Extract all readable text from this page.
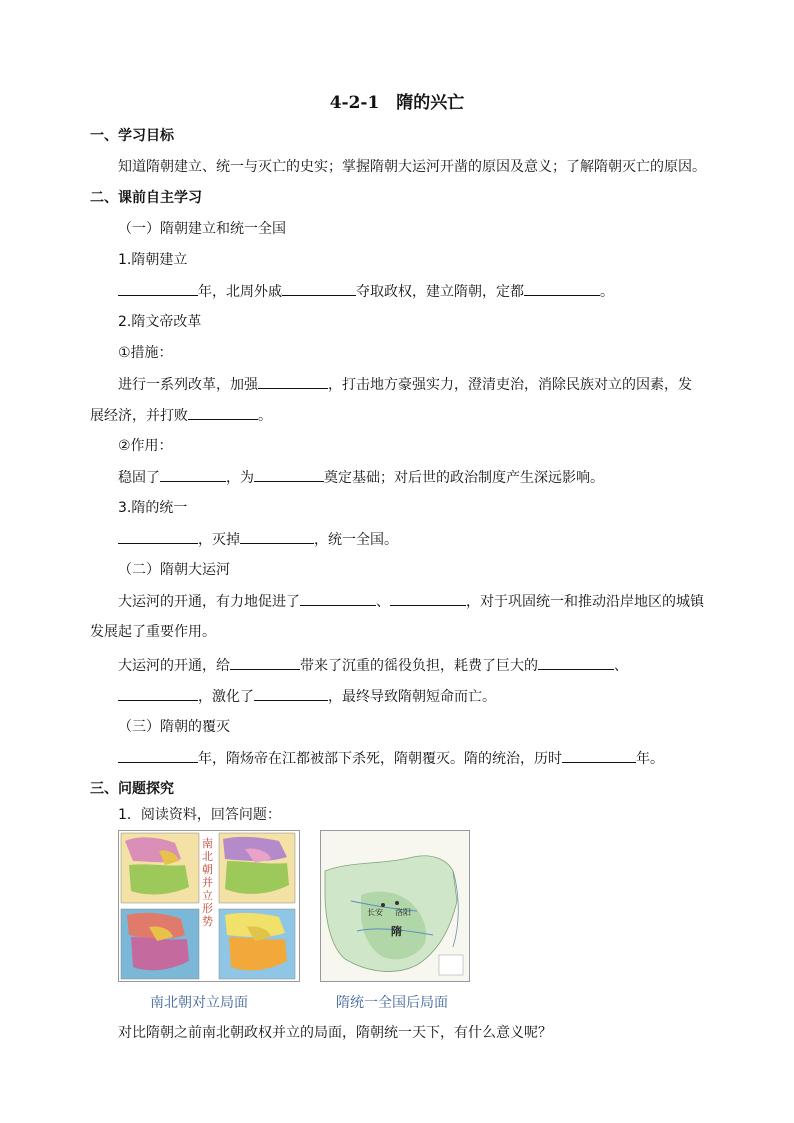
4-2-1　隋的兴亡
一、学习目标
知道隋朝建立、统一与灭亡的史实；掌握隋朝大运河开凿的原因及意义；了解隋朝灭亡的原因。
二、课前自主学习
（一）隋朝建立和统一全国
1.隋朝建立
年，北周外戚	夺取政权，建立隋朝，定都	。
2.隋文帝改革
①措施：
进行一系列改革，加强	，打击地方豪强实力，澄清吏治，消除民族对立的因素，发
展经济，并打败	。
②作用：
稳固了	，为	奠定基础；对后世的政治制度产生深远影响。
3.隋的统一
，灭掉	，统一全国。
（二）隋朝大运河
大运河的开通，有力地促进了	、	，对于巩固统一和推动沿岸地区的城镇
发展起了重要作用。
大运河的开通，给	带来了沉重的徭役负担，耗费了巨大的	、
，激化了	，最终导致隋朝短命而亡。
（三）隋朝的覆灭
年，隋炀帝在江都被部下杀死，隋朝覆灭。隋的统治，历时	年。
三、问题探究
1．阅读资料，回答问题：
南北朝并立形势
长安 洛阳
隋
南北朝对立局面	隋统一全国后局面
对比隋朝之前南北朝政权并立的局面，隋朝统一天下，有什么意义呢？
